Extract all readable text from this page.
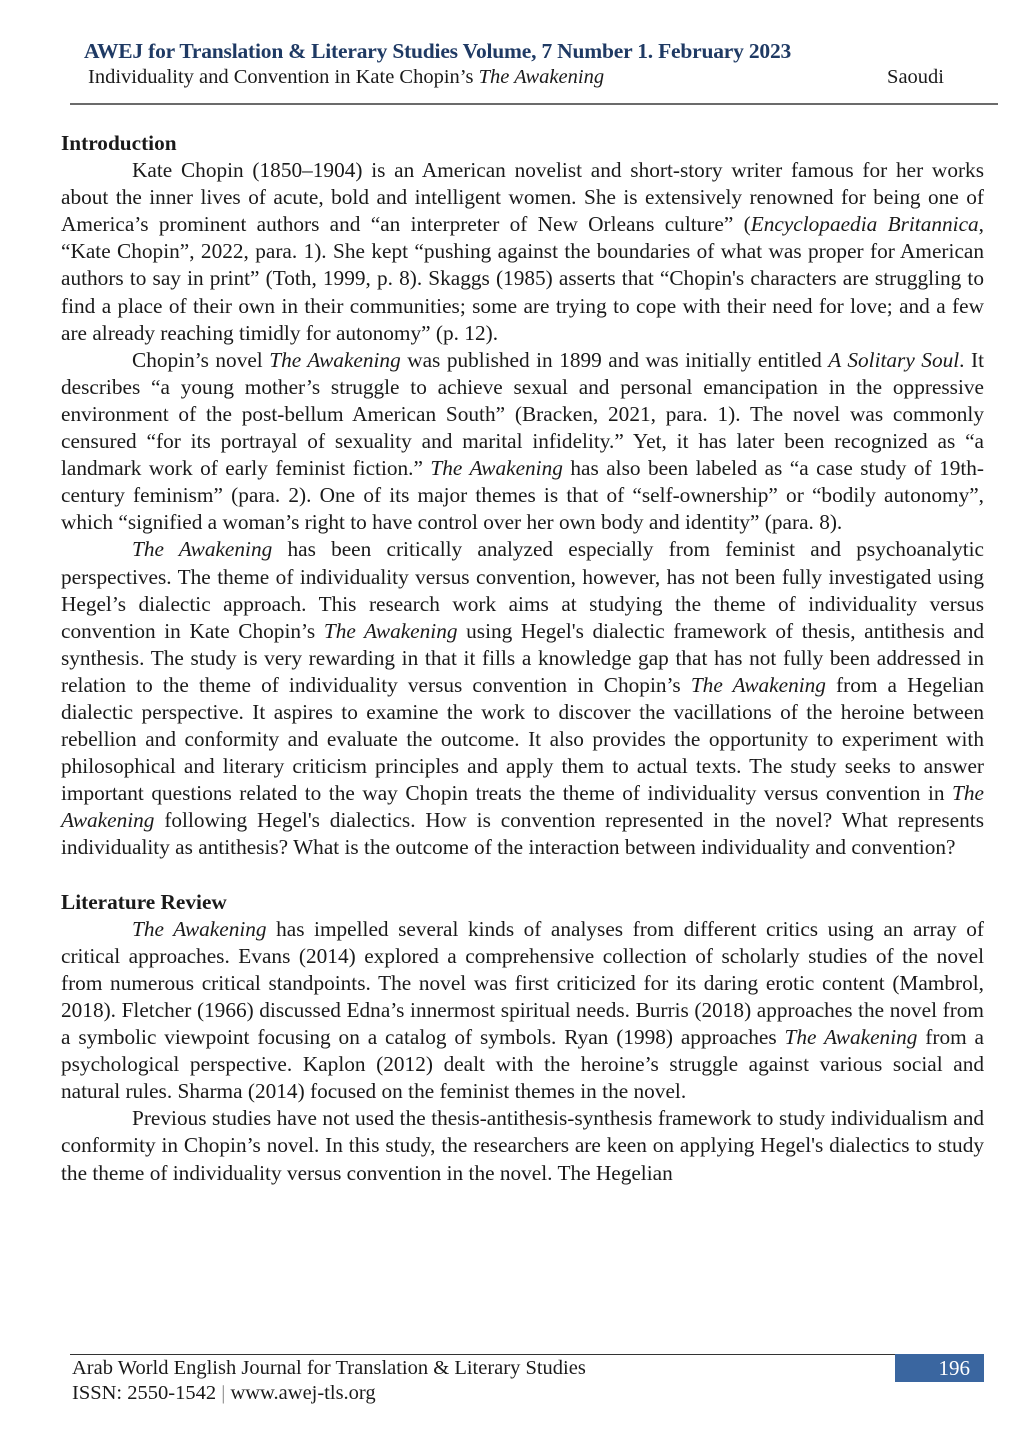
AWEJ for Translation & Literary Studies Volume, 7 Number 1. February 2023
Individuality and Convention in Kate Chopin’s The Awakening	Saoudi
Introduction

Kate Chopin (1850–1904) is an American novelist and short-story writer famous for her works about the inner lives of acute, bold and intelligent women. She is extensively renowned for being one of America’s prominent authors and “an interpreter of New Orleans culture” (Encyclopaedia Britannica, “Kate Chopin”, 2022, para. 1). She kept “pushing against the boundaries of what was proper for American authors to say in print” (Toth, 1999, p. 8). Skaggs (1985) asserts that “Chopin's characters are struggling to find a place of their own in their communities; some are trying to cope with their need for love; and a few are already reaching timidly for autonomy” (p. 12).

Chopin’s novel The Awakening was published in 1899 and was initially entitled A Solitary Soul. It describes “a young mother’s struggle to achieve sexual and personal emancipation in the oppressive environment of the post-bellum American South” (Bracken, 2021, para. 1). The novel was commonly censured “for its portrayal of sexuality and marital infidelity.” Yet, it has later been recognized as “a landmark work of early feminist fiction.” The Awakening has also been labeled as “a case study of 19th-century feminism” (para. 2). One of its major themes is that of “self-ownership” or “bodily autonomy”, which “signified a woman’s right to have control over her own body and identity” (para. 8).

The Awakening has been critically analyzed especially from feminist and psychoanalytic perspectives. The theme of individuality versus convention, however, has not been fully investigated using Hegel’s dialectic approach. This research work aims at studying the theme of individuality versus convention in Kate Chopin’s The Awakening using Hegel's dialectic framework of thesis, antithesis and synthesis. The study is very rewarding in that it fills a knowledge gap that has not fully been addressed in relation to the theme of individuality versus convention in Chopin’s The Awakening from a Hegelian dialectic perspective. It aspires to examine the work to discover the vacillations of the heroine between rebellion and conformity and evaluate the outcome. It also provides the opportunity to experiment with philosophical and literary criticism principles and apply them to actual texts. The study seeks to answer important questions related to the way Chopin treats the theme of individuality versus convention in The Awakening following Hegel's dialectics. How is convention represented in the novel? What represents individuality as antithesis? What is the outcome of the interaction between individuality and convention?

Literature Review

The Awakening has impelled several kinds of analyses from different critics using an array of critical approaches. Evans (2014) explored a comprehensive collection of scholarly studies of the novel from numerous critical standpoints. The novel was first criticized for its daring erotic content (Mambrol, 2018). Fletcher (1966) discussed Edna’s innermost spiritual needs. Burris (2018) approaches the novel from a symbolic viewpoint focusing on a catalog of symbols. Ryan (1998) approaches The Awakening from a psychological perspective. Kaplon (2012) dealt with the heroine’s struggle against various social and natural rules. Sharma (2014) focused on the feminist themes in the novel.

Previous studies have not used the thesis-antithesis-synthesis framework to study individualism and conformity in Chopin’s novel. In this study, the researchers are keen on applying Hegel's dialectics to study the theme of individuality versus convention in the novel. The Hegelian

Arab World English Journal for Translation & Literary Studies
ISSN: 2550-1542 | www.awej-tls.org
196
